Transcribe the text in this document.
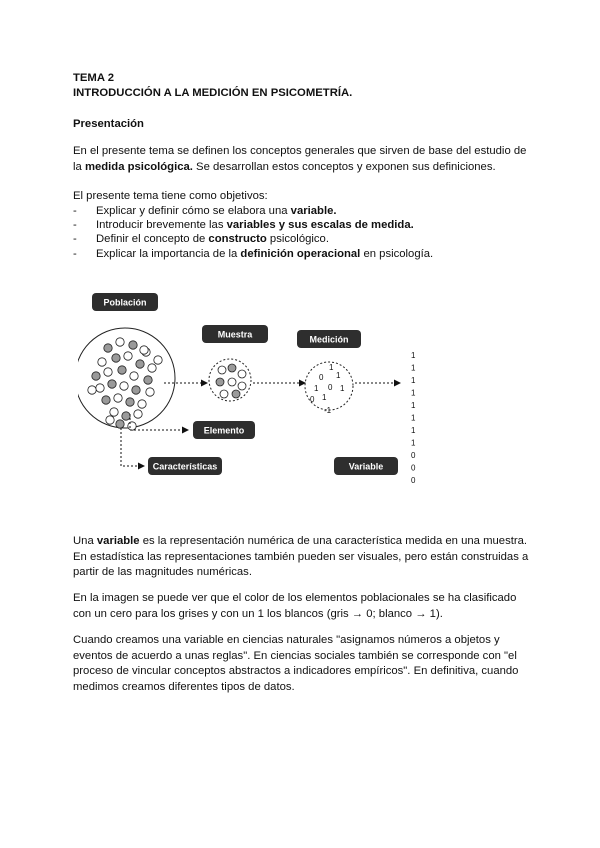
TEMA 2
INTRODUCCIÓN A LA MEDICIÓN EN PSICOMETRÍA.
Presentación
En el presente tema se definen los conceptos generales que sirven de base del estudio de la medida psicológica. Se desarrollan estos conceptos y exponen sus definiciones.
El presente tema tiene como objetivos:
- Explicar y definir cómo se elabora una variable.
- Introducir brevemente las variables y sus escalas de medida.
- Definir el concepto de constructo psicológico.
- Explicar la importancia de la definición operacional en psicología.
Población
Muestra	Medición
1
0 1
0 1
1
1
0
-1
1
1
1
1
1
1
1
1
0
0
0
Elemento
Características	Variable
Una variable es la representación numérica de una característica medida en una muestra. En estadística las representaciones también pueden ser visuales, pero están construidas a partir de las magnitudes numéricas.
En la imagen se puede ver que el color de los elementos poblacionales se ha clasificado con un cero para los grises y con un 1 los blancos (gris → 0; blanco → 1).
Cuando creamos una variable en ciencias naturales "asignamos números a objetos y eventos de acuerdo a unas reglas". En ciencias sociales también se corresponde con "el proceso de vincular conceptos abstractos a indicadores empíricos". En definitiva, cuando medimos creamos diferentes tipos de datos.
